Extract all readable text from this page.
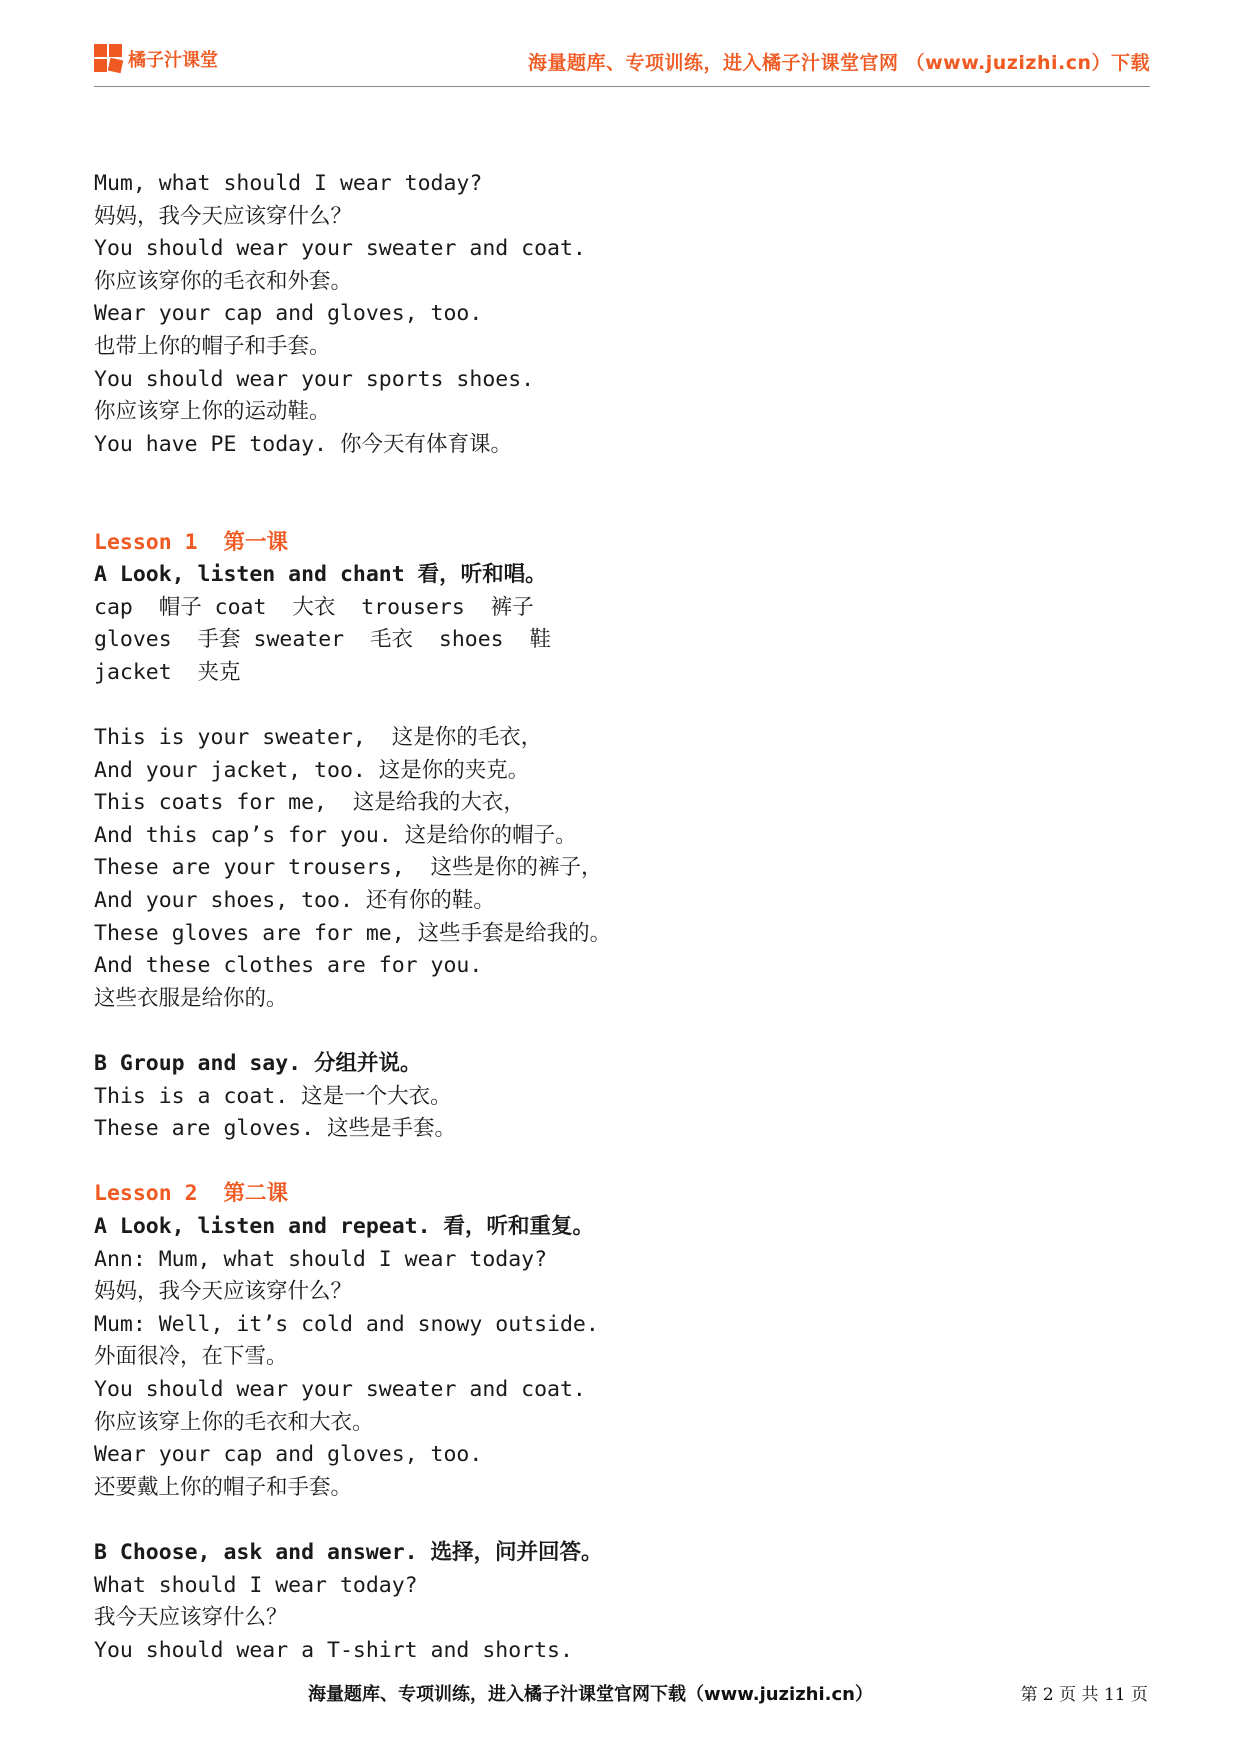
橘子汁课堂	海量题库、专项训练，进入橘子汁课堂官网 （www.juzizhi.cn）下载
Mum, what should I wear today?
妈妈，我今天应该穿什么？
You should wear your sweater and coat.
你应该穿你的毛衣和外套。
Wear your cap and gloves, too.
也带上你的帽子和手套。
You should wear your sports shoes.
你应该穿上你的运动鞋。
You have PE today. 你今天有体育课。
Lesson 1  第一课
A Look, listen and chant 看，听和唱。
cap  帽子 coat  大衣  trousers  裤子
gloves  手套 sweater  毛衣  shoes  鞋
jacket  夹克
This is your sweater,  这是你的毛衣，
And your jacket, too. 这是你的夹克。
This coats for me,  这是给我的大衣，
And this cap’s for you. 这是给你的帽子。
These are your trousers,  这些是你的裤子，
And your shoes, too. 还有你的鞋。
These gloves are for me, 这些手套是给我的。
And these clothes are for you.
这些衣服是给你的。
B Group and say. 分组并说。
This is a coat. 这是一个大衣。
These are gloves. 这些是手套。
Lesson 2  第二课
A Look, listen and repeat. 看，听和重复。
Ann: Mum, what should I wear today?
妈妈，我今天应该穿什么？
Mum: Well, it’s cold and snowy outside.
外面很冷，在下雪。
You should wear your sweater and coat.
你应该穿上你的毛衣和大衣。
Wear your cap and gloves, too.
还要戴上你的帽子和手套。
B Choose, ask and answer. 选择，问并回答。
What should I wear today?
我今天应该穿什么？
You should wear a T-shirt and shorts.
海量题库、专项训练，进入橘子汁课堂官网下载（www.juzizhi.cn）	第 2 页 共 11 页
